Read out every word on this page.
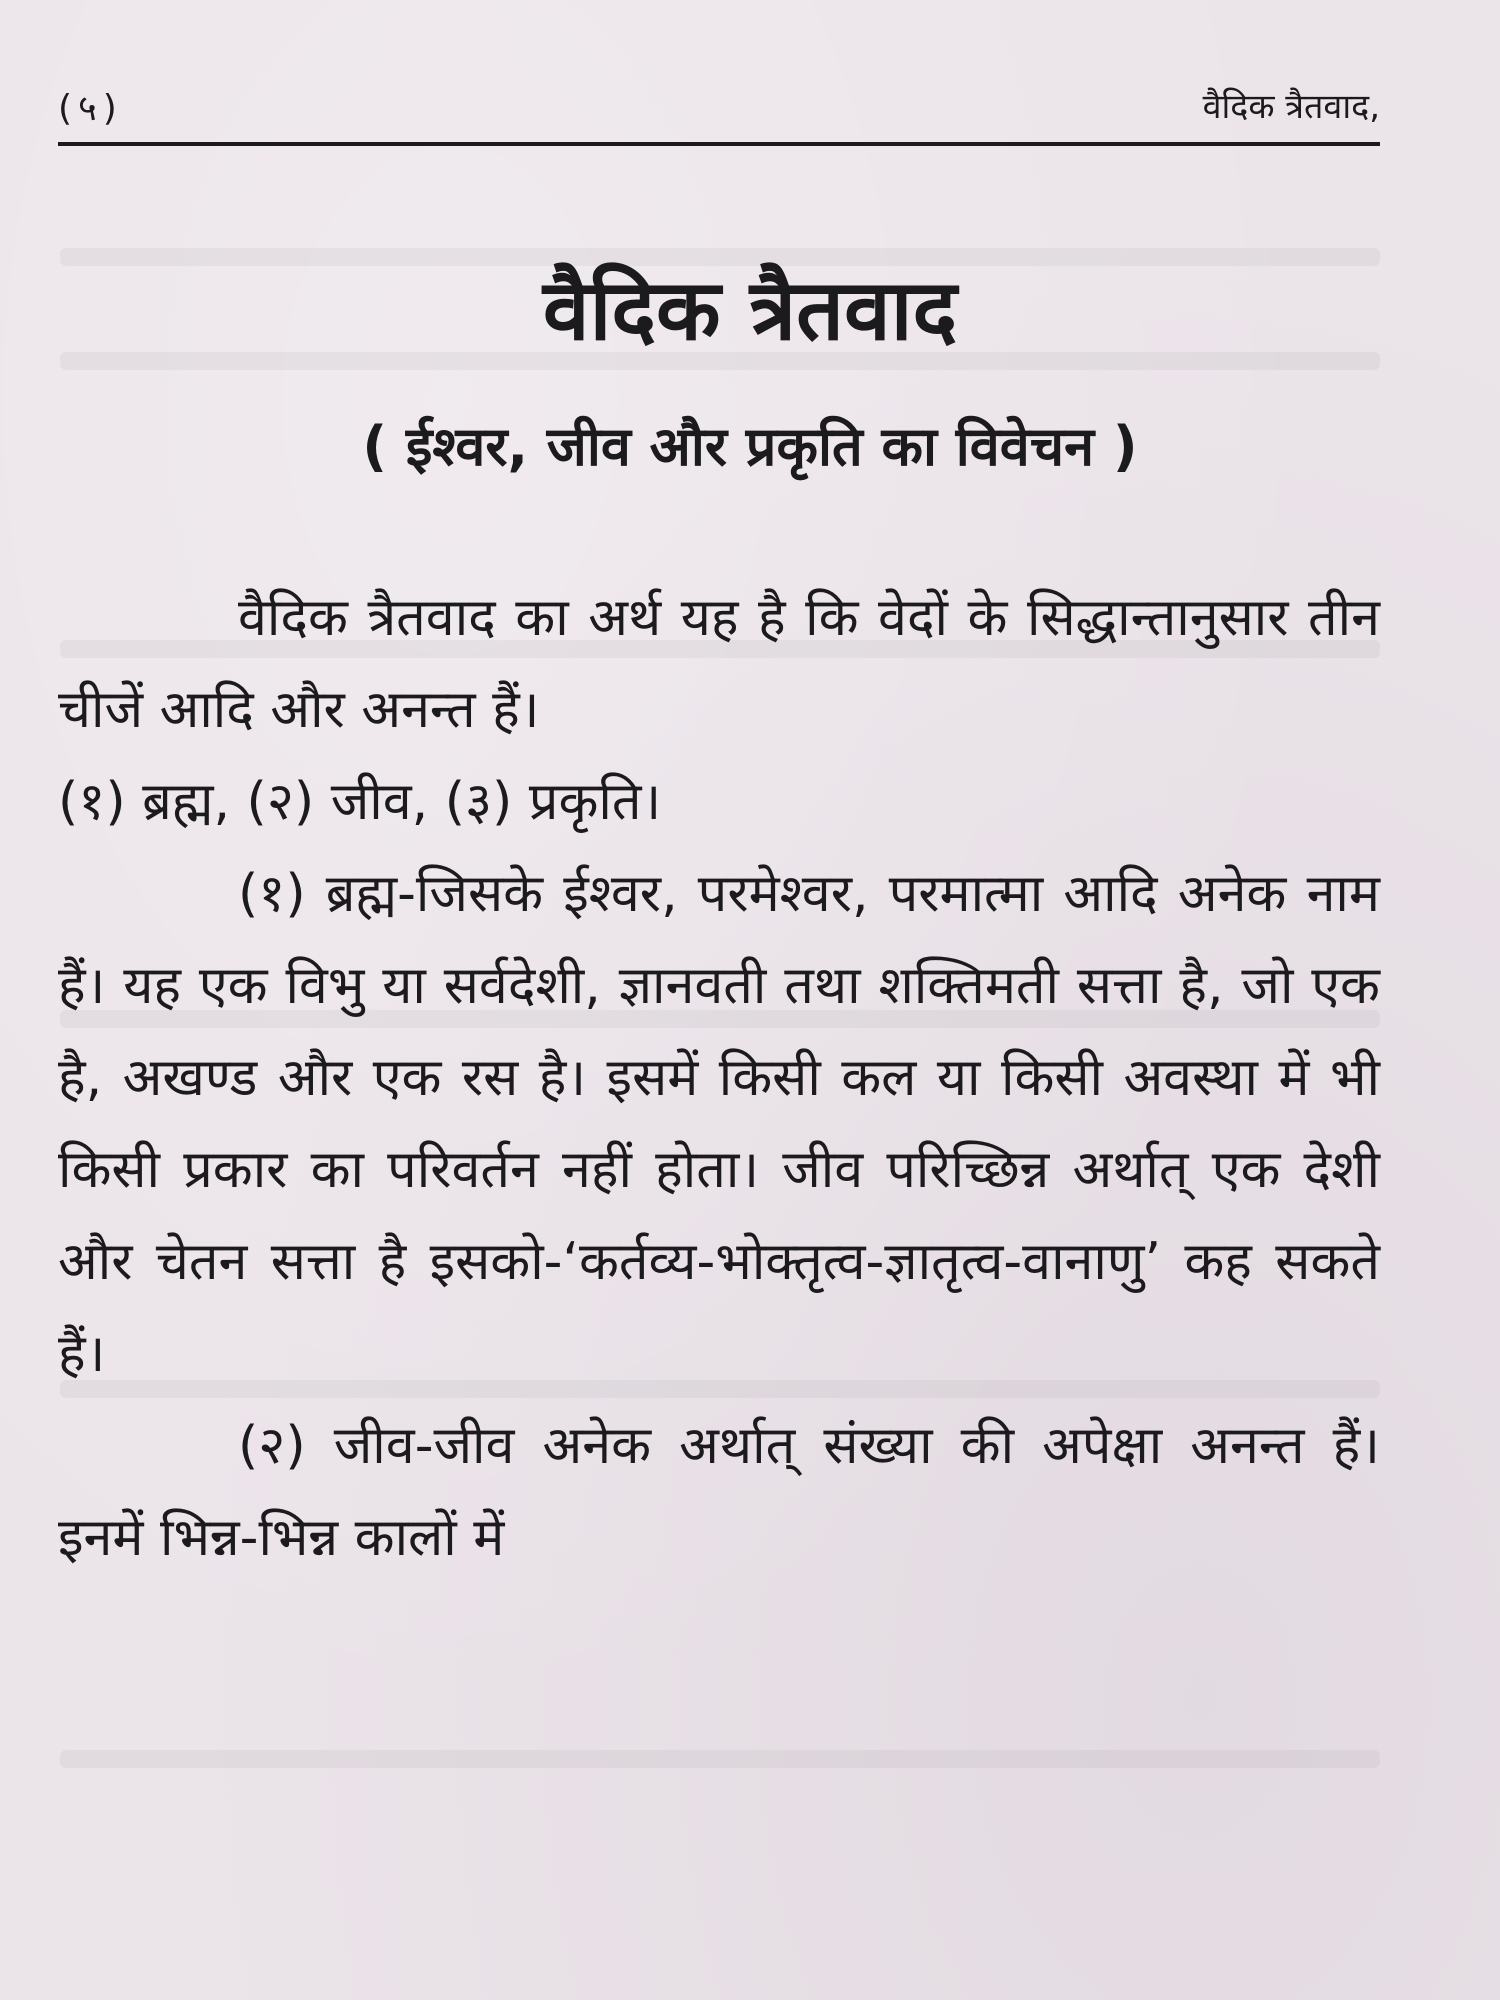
(५)	वैदिक त्रैतवाद,
वैदिक त्रैतवाद
( ईश्वर, जीव और प्रकृति का विवेचन )

वैदिक त्रैतवाद का अर्थ यह है कि वेदों के सिद्धान्तानुसार तीन चीजें आदि और अनन्त हैं।

(१) ब्रह्म, (२) जीव, (३) प्रकृति।

(१) ब्रह्म-जिसके ईश्वर, परमेश्वर, परमात्मा आदि अनेक नाम हैं। यह एक विभु या सर्वदेशी, ज्ञानवती तथा शक्तिमती सत्ता है, जो एक है, अखण्ड और एक रस है। इसमें किसी कल या किसी अवस्था में भी किसी प्रकार का परिवर्तन नहीं होता। जीव परिच्छिन्न अर्थात् एक देशी और चेतन सत्ता है इसको-‘कर्तव्य-भोक्तृत्व-ज्ञातृत्व-वानाणु’ कह सकते हैं।

(२) जीव-जीव अनेक अर्थात् संख्या की अपेक्षा अनन्त हैं। इनमें भिन्न-भिन्न कालों में
